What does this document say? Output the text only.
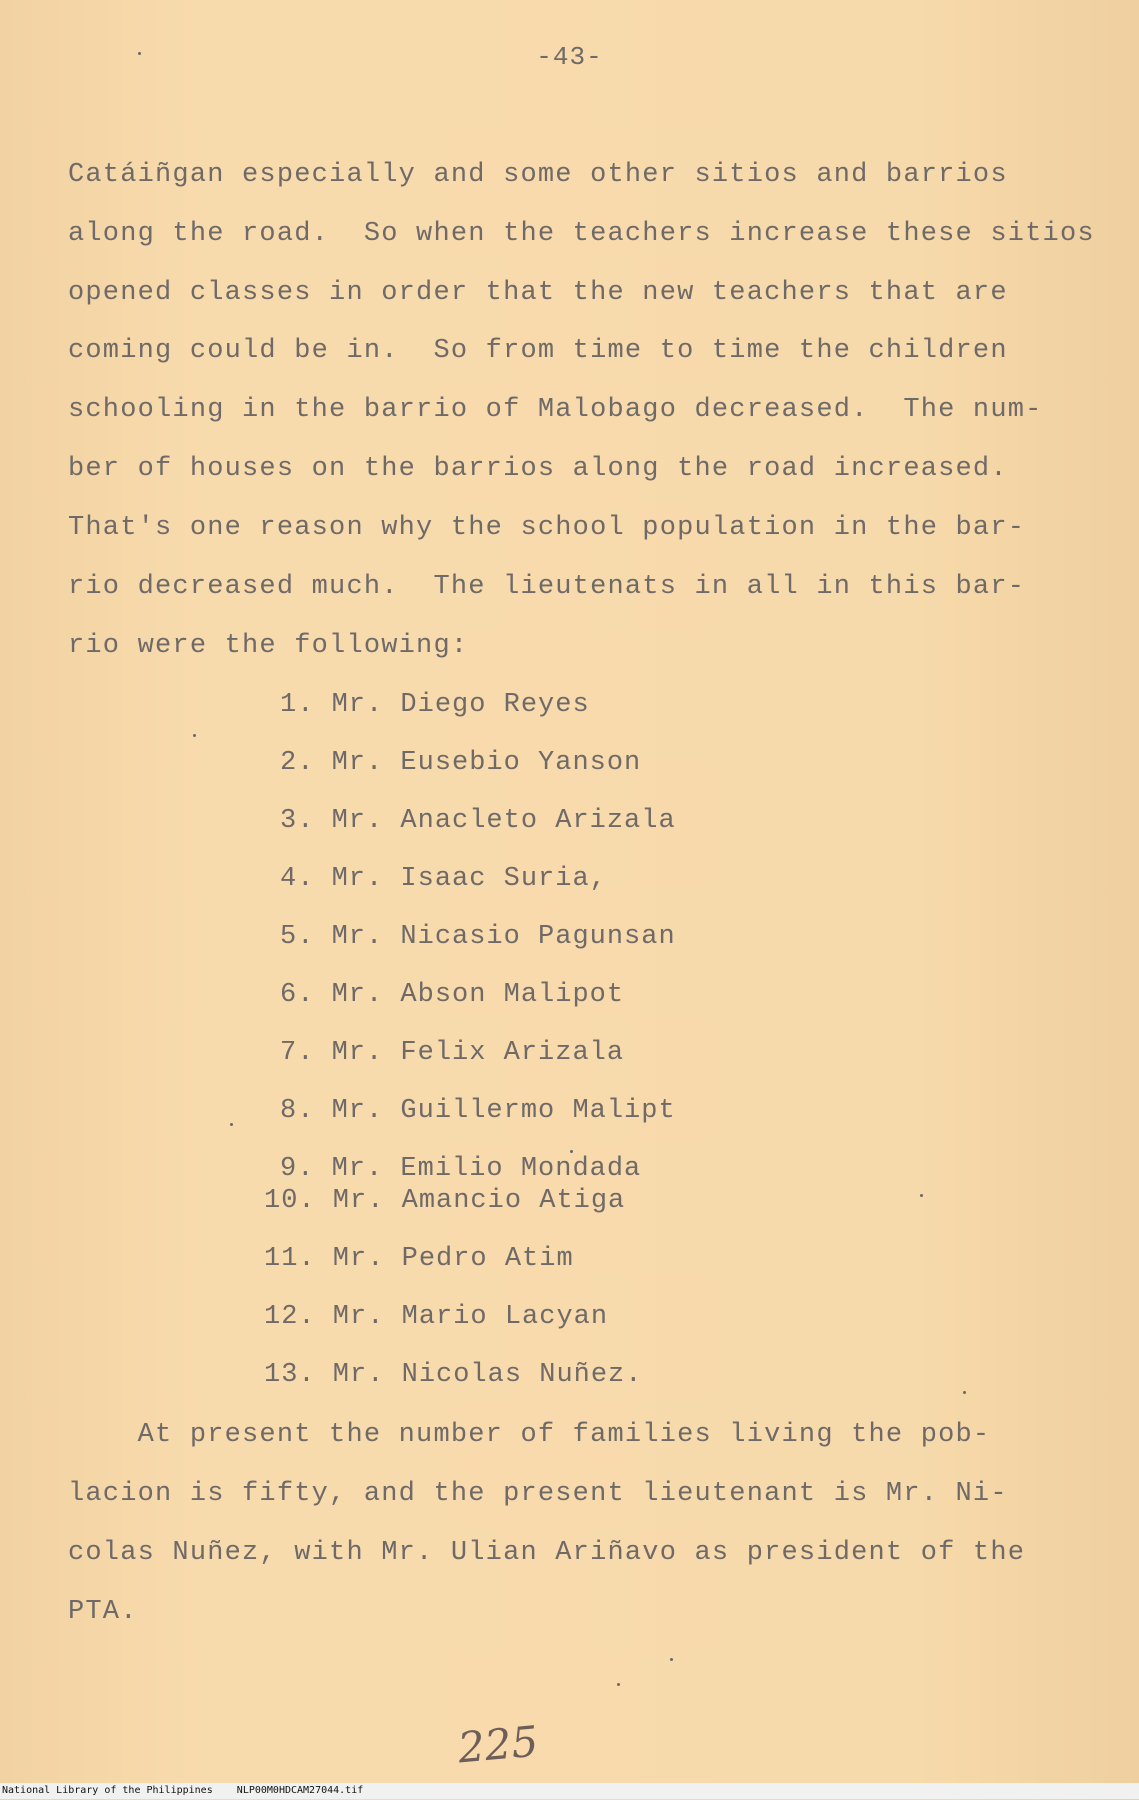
-43-
Catáiñgan especially and some other sitios and barrios
along the road.  So when the teachers increase these sitios
opened classes in order that the new teachers that are
coming could be in.  So from time to time the children
schooling in the barrio of Malobago decreased.  The num-
ber of houses on the barrios along the road increased.
That's one reason why the school population in the bar-
rio decreased much.  The lieutenats in all in this bar-
rio were the following:
1. Mr. Diego Reyes
2. Mr. Eusebio Yanson
3. Mr. Anacleto Arizala
4. Mr. Isaac Suria,
5. Mr. Nicasio Pagunsan
6. Mr. Abson Malipot
7. Mr. Felix Arizala
8. Mr. Guillermo Malipt
9. Mr. Emilio Mondada
10. Mr. Amancio Atiga
11. Mr. Pedro Atim
12. Mr. Mario Lacyan
13. Mr. Nicolas Nuñez.
At present the number of families living the pob-
lacion is fifty, and the present lieutenant is Mr. Ni-
colas Nuñez, with Mr. Ulian Ariñavo as president of the
PTA.
225
National Library of the Philippines    NLP00M0HDCAM27044.tif
